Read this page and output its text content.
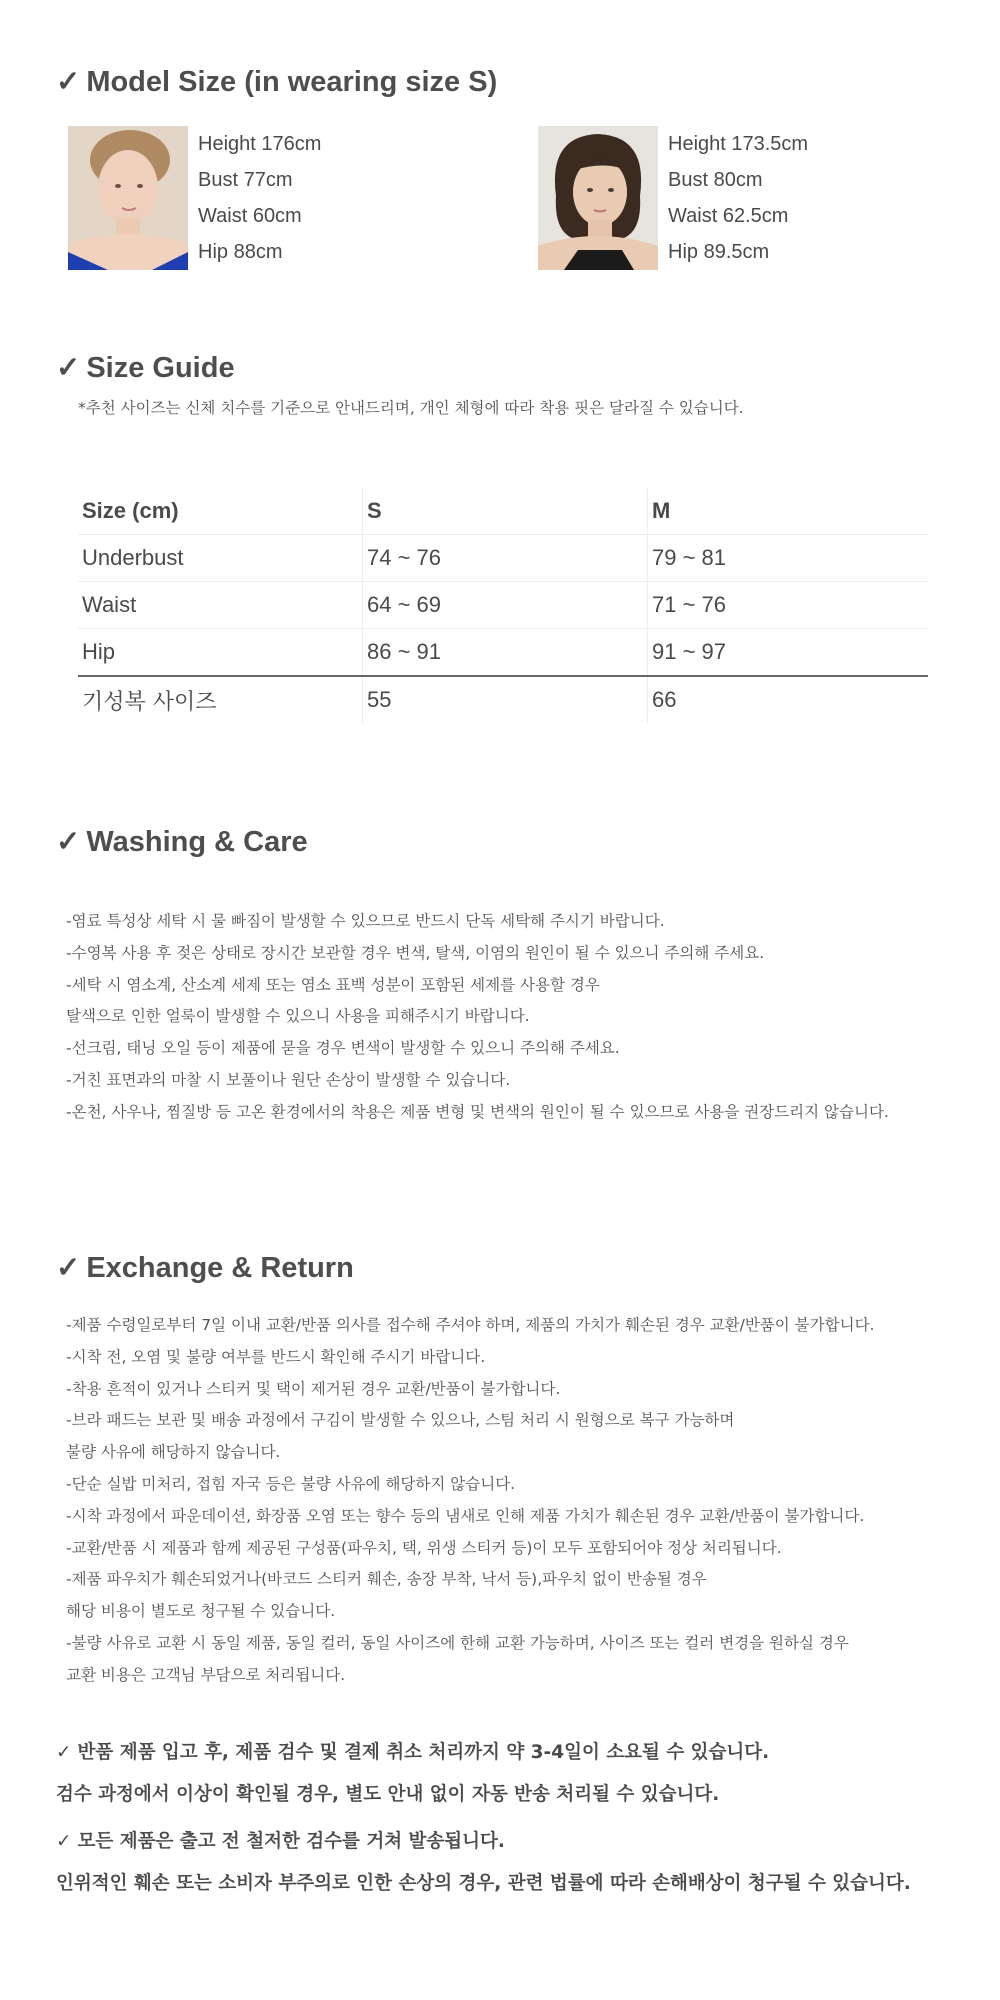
✓ Model Size (in wearing size S)
Height 176cm
Bust 77cm
Waist 60cm
Hip 88cm
Height 173.5cm
Bust 80cm
Waist 62.5cm
Hip 89.5cm
✓ Size Guide
*추천 사이즈는 신체 치수를 기준으로 안내드리며, 개인 체형에 따라 착용 핏은 달라질 수 있습니다.
Size (cm)	S	M
Underbust	74 ~ 76	79 ~ 81
Waist	64 ~ 69	71 ~ 76
Hip	86 ~ 91	91 ~ 97
기성복 사이즈	55	66
✓ Washing & Care
-염료 특성상 세탁 시 물 빠짐이 발생할 수 있으므로 반드시 단독 세탁해 주시기 바랍니다.
-수영복 사용 후 젖은 상태로 장시간 보관할 경우 변색, 탈색, 이염의 원인이 될 수 있으니 주의해 주세요.
-세탁 시 염소계, 산소계 세제 또는 염소 표백 성분이 포함된 세제를 사용할 경우
탈색으로 인한 얼룩이 발생할 수 있으니 사용을 피해주시기 바랍니다.
-선크림, 태닝 오일 등이 제품에 묻을 경우 변색이 발생할 수 있으니 주의해 주세요.
-거친 표면과의 마찰 시 보풀이나 원단 손상이 발생할 수 있습니다.
-온천, 사우나, 찜질방 등 고온 환경에서의 착용은 제품 변형 및 변색의 원인이 될 수 있으므로 사용을 권장드리지 않습니다.
✓ Exchange & Return
-제품 수령일로부터 7일 이내 교환/반품 의사를 접수해 주셔야 하며, 제품의 가치가 훼손된 경우 교환/반품이 불가합니다.
-시착 전, 오염 및 불량 여부를 반드시 확인해 주시기 바랍니다.
-착용 흔적이 있거나 스티커 및 택이 제거된 경우 교환/반품이 불가합니다.
-브라 패드는 보관 및 배송 과정에서 구김이 발생할 수 있으나, 스팀 처리 시 원형으로 복구 가능하며
불량 사유에 해당하지 않습니다.
-단순 실밥 미처리, 접힘 자국 등은 불량 사유에 해당하지 않습니다.
-시착 과정에서 파운데이션, 화장품 오염 또는 향수 등의 냄새로 인해 제품 가치가 훼손된 경우 교환/반품이 불가합니다.
-교환/반품 시 제품과 함께 제공된 구성품(파우치, 택, 위생 스티커 등)이 모두 포함되어야 정상 처리됩니다.
-제품 파우치가 훼손되었거나(바코드 스티커 훼손, 송장 부착, 낙서 등),파우치 없이 반송될 경우
해당 비용이 별도로 청구될 수 있습니다.
-불량 사유로 교환 시 동일 제품, 동일 컬러, 동일 사이즈에 한해 교환 가능하며, 사이즈 또는 컬러 변경을 원하실 경우
교환 비용은 고객님 부담으로 처리됩니다.
✓ 반품 제품 입고 후, 제품 검수 및 결제 취소 처리까지 약 3-4일이 소요될 수 있습니다.
검수 과정에서 이상이 확인될 경우, 별도 안내 없이 자동 반송 처리될 수 있습니다.
✓ 모든 제품은 출고 전 철저한 검수를 거쳐 발송됩니다.
인위적인 훼손 또는 소비자 부주의로 인한 손상의 경우, 관련 법률에 따라 손해배상이 청구될 수 있습니다.
